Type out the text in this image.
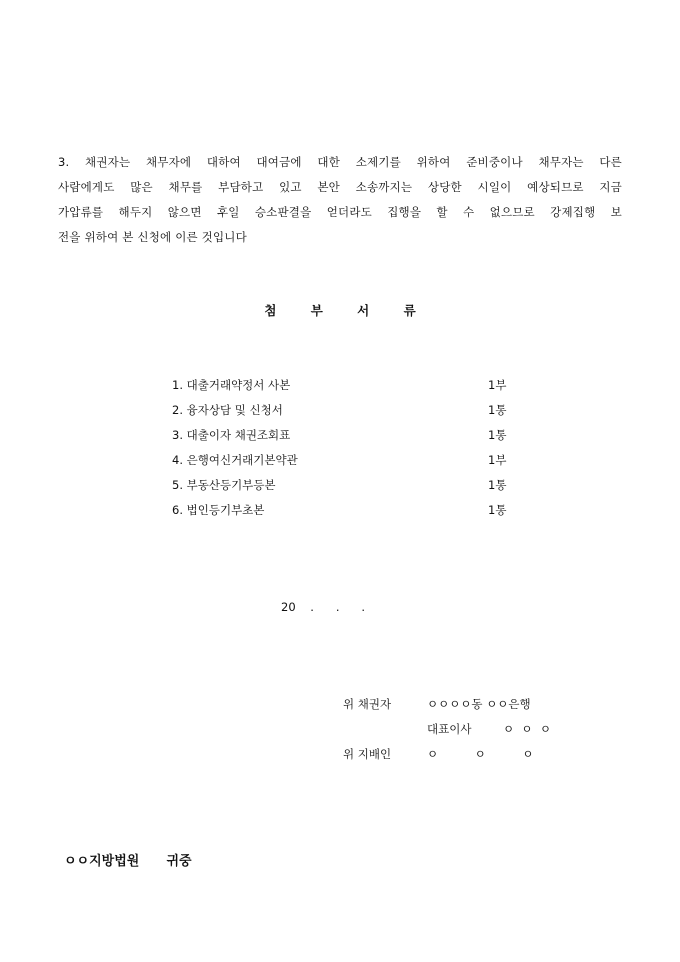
3. 채권자는 채무자에 대하여 대여금에 대한 소제기를 위하여 준비중이나 채무자는 다른
사람에게도 많은 채무를 부담하고 있고 본안 소송까지는 상당한 시일이 예상되므로 지금
가압류를 해두지 않으면 후일 승소판결을 얻더라도 집행을 할 수 없으므로 강제집행 보
전을 위하여 본 신청에 이른 것입니다
첨 부 서 류
1. 대출거래약정서 사본	1부
2. 융자상담 및 신청서	1통
3. 대출이자 채권조회표	1통
4. 은행여신거래기본약관	1부
5. 부동산등기부등본	1통
6. 법인등기부초본	1통
20    .      .      .
위 채권자	ㅇㅇㅇㅇ동 ㅇㅇ은행
대표이사	ㅇ  ㅇ  ㅇ
위 지배인	ㅇ          ㅇ          ㅇ
ㅇㅇ지방법원      귀중
